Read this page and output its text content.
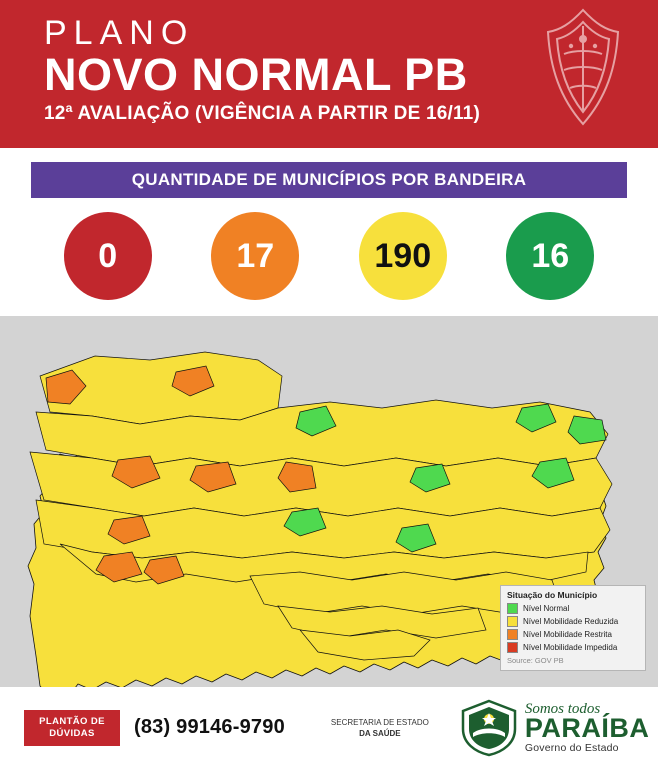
PLANO
NOVO NORMAL PB
12ª AVALIAÇÃO (VIGÊNCIA A PARTIR DE 16/11)
QUANTIDADE DE MUNICÍPIOS POR BANDEIRA
0	17	190	16
Situação do Município
Nível Normal
Nível Mobilidade Reduzida
Nível Mobilidade Restrita
Nível Mobilidade Impedida
Source: GOV PB
PLANTÃO DE
DÚVIDAS	(83) 99146-9790	SECRETARIA DE ESTADO
DA SAÚDE
Somos todos
PARAÍBA
Governo do Estado
